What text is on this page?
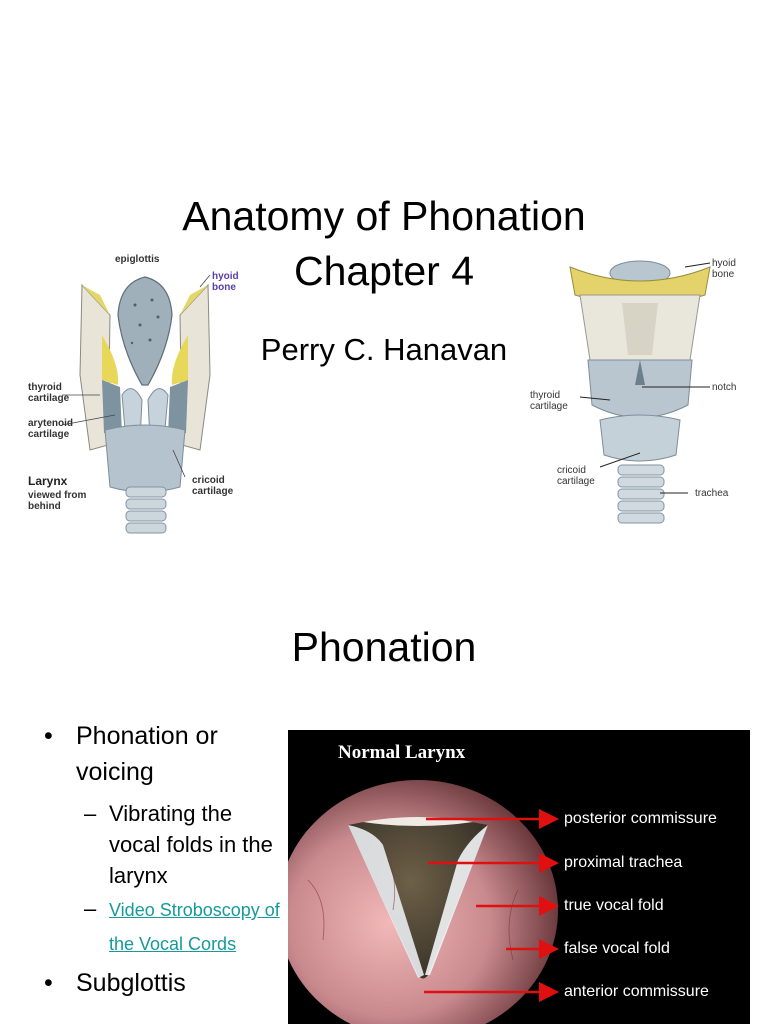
Anatomy of Phonation
Chapter 4
Perry C. Hanavan
epiglottis
hyoid
bone
thyroid
cartilage
arytenoid
cartilage
Larynx
viewed from
behind
cricoid
cartilage
hyoid
bone
notch
thyroid
cartilage
cricoid
cartilage
trachea
Phonation
• Phonation or voicing
– Vibrating the vocal folds in the larynx
– Video Stroboscopy of the Vocal Cords
• Subglottis
Normal Larynx
posterior commissure
proximal trachea
true vocal fold
false vocal fold
anterior commissure
